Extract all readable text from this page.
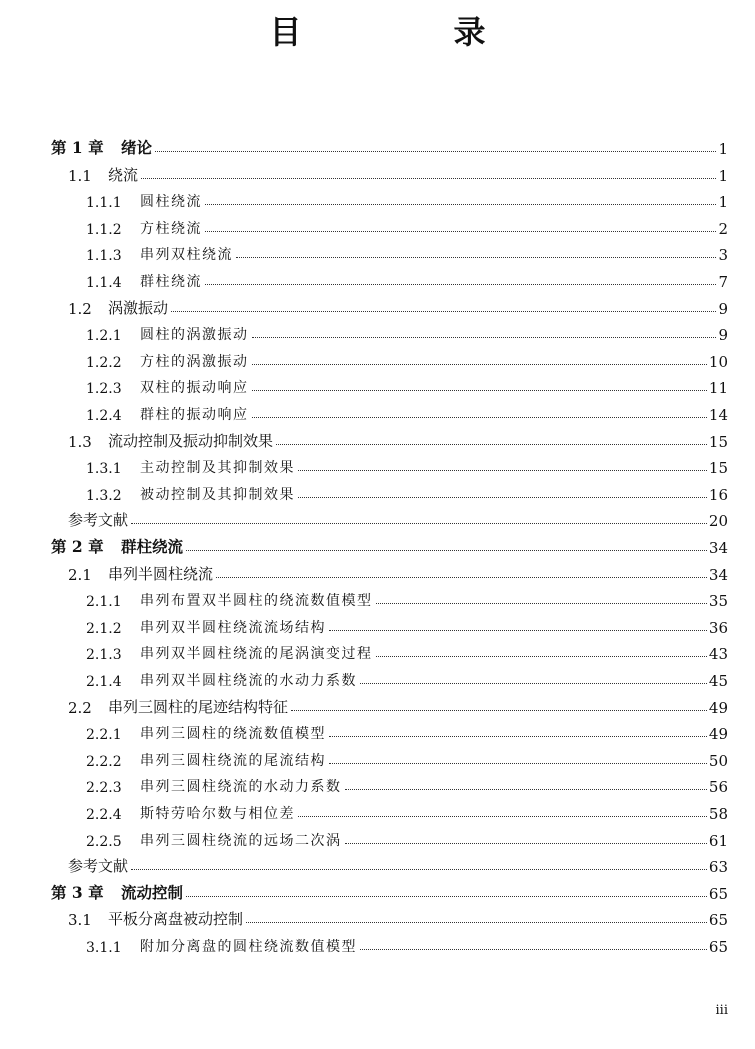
目　录
第 1 章	绪论	1
1.1	绕流	1
1.1.1	圆柱绕流	1
1.1.2	方柱绕流	2
1.1.3	串列双柱绕流	3
1.1.4	群柱绕流	7
1.2	涡激振动	9
1.2.1	圆柱的涡激振动	9
1.2.2	方柱的涡激振动	10
1.2.3	双柱的振动响应	11
1.2.4	群柱的振动响应	14
1.3	流动控制及振动抑制效果	15
1.3.1	主动控制及其抑制效果	15
1.3.2	被动控制及其抑制效果	16
参考文献	20
第 2 章	群柱绕流	34
2.1	串列半圆柱绕流	34
2.1.1	串列布置双半圆柱的绕流数值模型	35
2.1.2	串列双半圆柱绕流流场结构	36
2.1.3	串列双半圆柱绕流的尾涡演变过程	43
2.1.4	串列双半圆柱绕流的水动力系数	45
2.2	串列三圆柱的尾迹结构特征	49
2.2.1	串列三圆柱的绕流数值模型	49
2.2.2	串列三圆柱绕流的尾流结构	50
2.2.3	串列三圆柱绕流的水动力系数	56
2.2.4	斯特劳哈尔数与相位差	58
2.2.5	串列三圆柱绕流的远场二次涡	61
参考文献	63
第 3 章	流动控制	65
3.1	平板分离盘被动控制	65
3.1.1	附加分离盘的圆柱绕流数值模型	65
iii
